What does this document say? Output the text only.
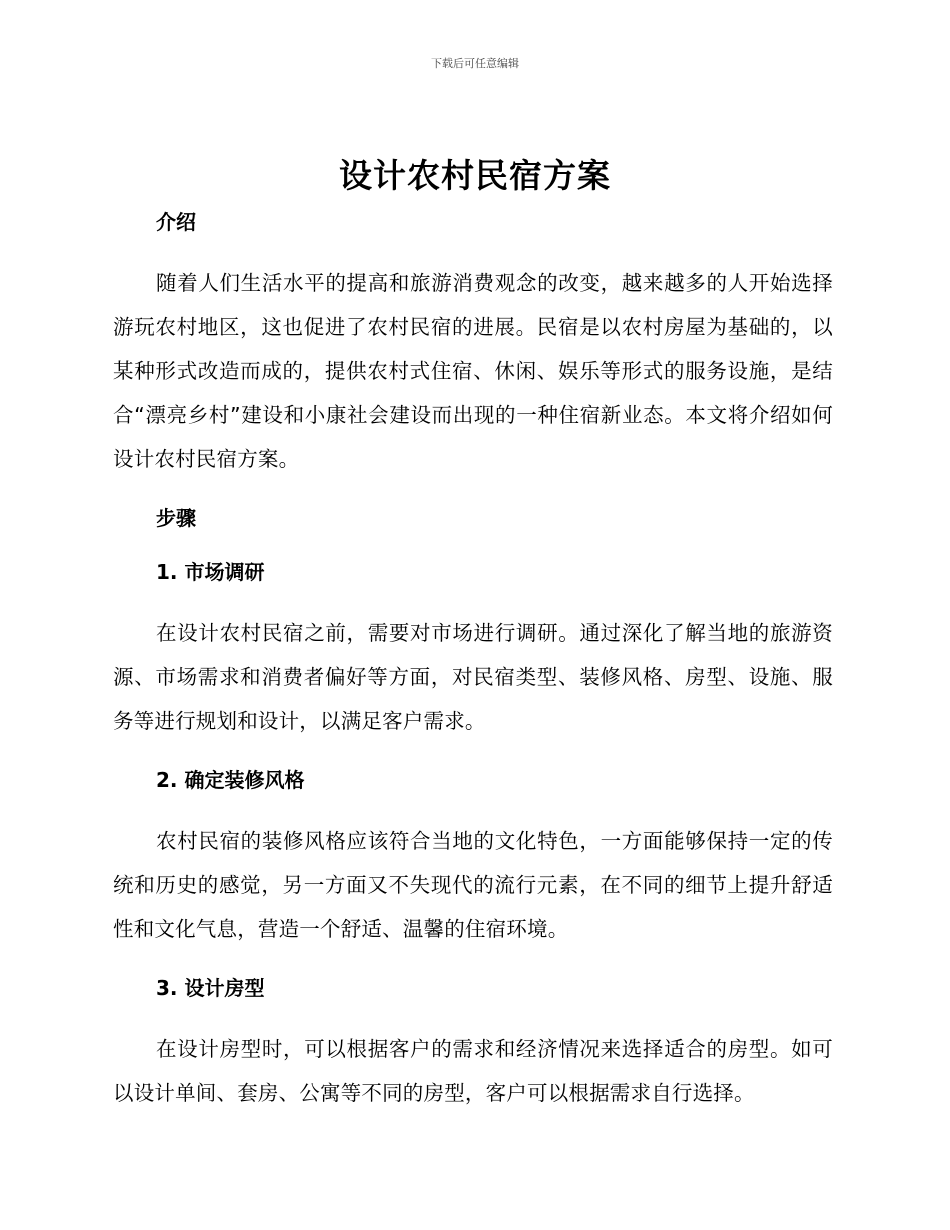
下载后可任意编辑
设计农村民宿方案
介绍
随着人们生活水平的提高和旅游消费观念的改变，越来越多的人开始选择游玩农村地区，这也促进了农村民宿的进展。民宿是以农村房屋为基础的，以某种形式改造而成的，提供农村式住宿、休闲、娱乐等形式的服务设施，是结合“漂亮乡村”建设和小康社会建设而出现的一种住宿新业态。本文将介绍如何设计农村民宿方案。
步骤
1. 市场调研
在设计农村民宿之前，需要对市场进行调研。通过深化了解当地的旅游资源、市场需求和消费者偏好等方面，对民宿类型、装修风格、房型、设施、服务等进行规划和设计，以满足客户需求。
2. 确定装修风格
农村民宿的装修风格应该符合当地的文化特色，一方面能够保持一定的传统和历史的感觉，另一方面又不失现代的流行元素，在不同的细节上提升舒适性和文化气息，营造一个舒适、温馨的住宿环境。
3. 设计房型
在设计房型时，可以根据客户的需求和经济情况来选择适合的房型。如可以设计单间、套房、公寓等不同的房型，客户可以根据需求自行选择。
